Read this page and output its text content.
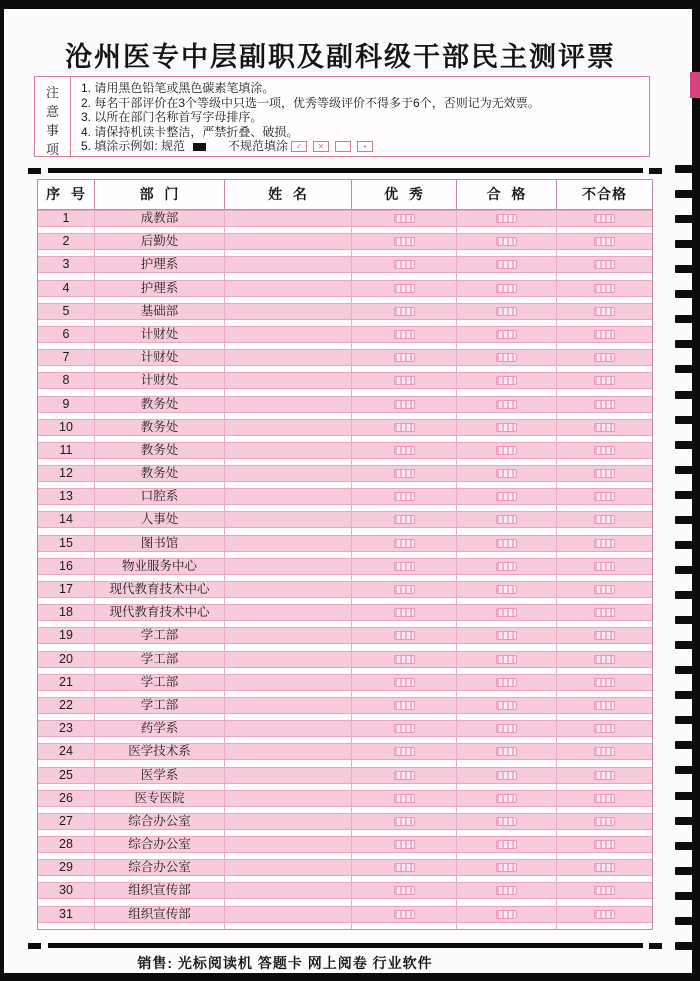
沧州医专中层副职及副科级干部民主测评票
注
意
事
项
1. 请用黑色铅笔或黑色碳素笔填涂。
2. 每名干部评价在3个等级中只选一项，优秀等级评价不得多于6个，否则记为无效票。
3. 以所在部门名称首写字母排序。
4. 请保持机读卡整洁，严禁折叠、破损。
5. 填涂示例如: 规范	不规范填涂 ✓	✕	▪
序  号	部  门	姓  名	优  秀	合  格	不合格
1	成教部
2	后勤处
3	护理系
4	护理系
5	基础部
6	计财处
7	计财处
8	计财处
9	教务处
10	教务处
11	教务处
12	教务处
13	口腔系
14	人事处
15	图书馆
16	物业服务中心
17	现代教育技术中心
18	现代教育技术中心
19	学工部
20	学工部
21	学工部
22	学工部
23	药学系
24	医学技术系
25	医学系
26	医专医院
27	综合办公室
28	综合办公室
29	综合办公室
30	组织宣传部
31	组织宣传部
销售: 光标阅读机 答题卡 网上阅卷 行业软件
